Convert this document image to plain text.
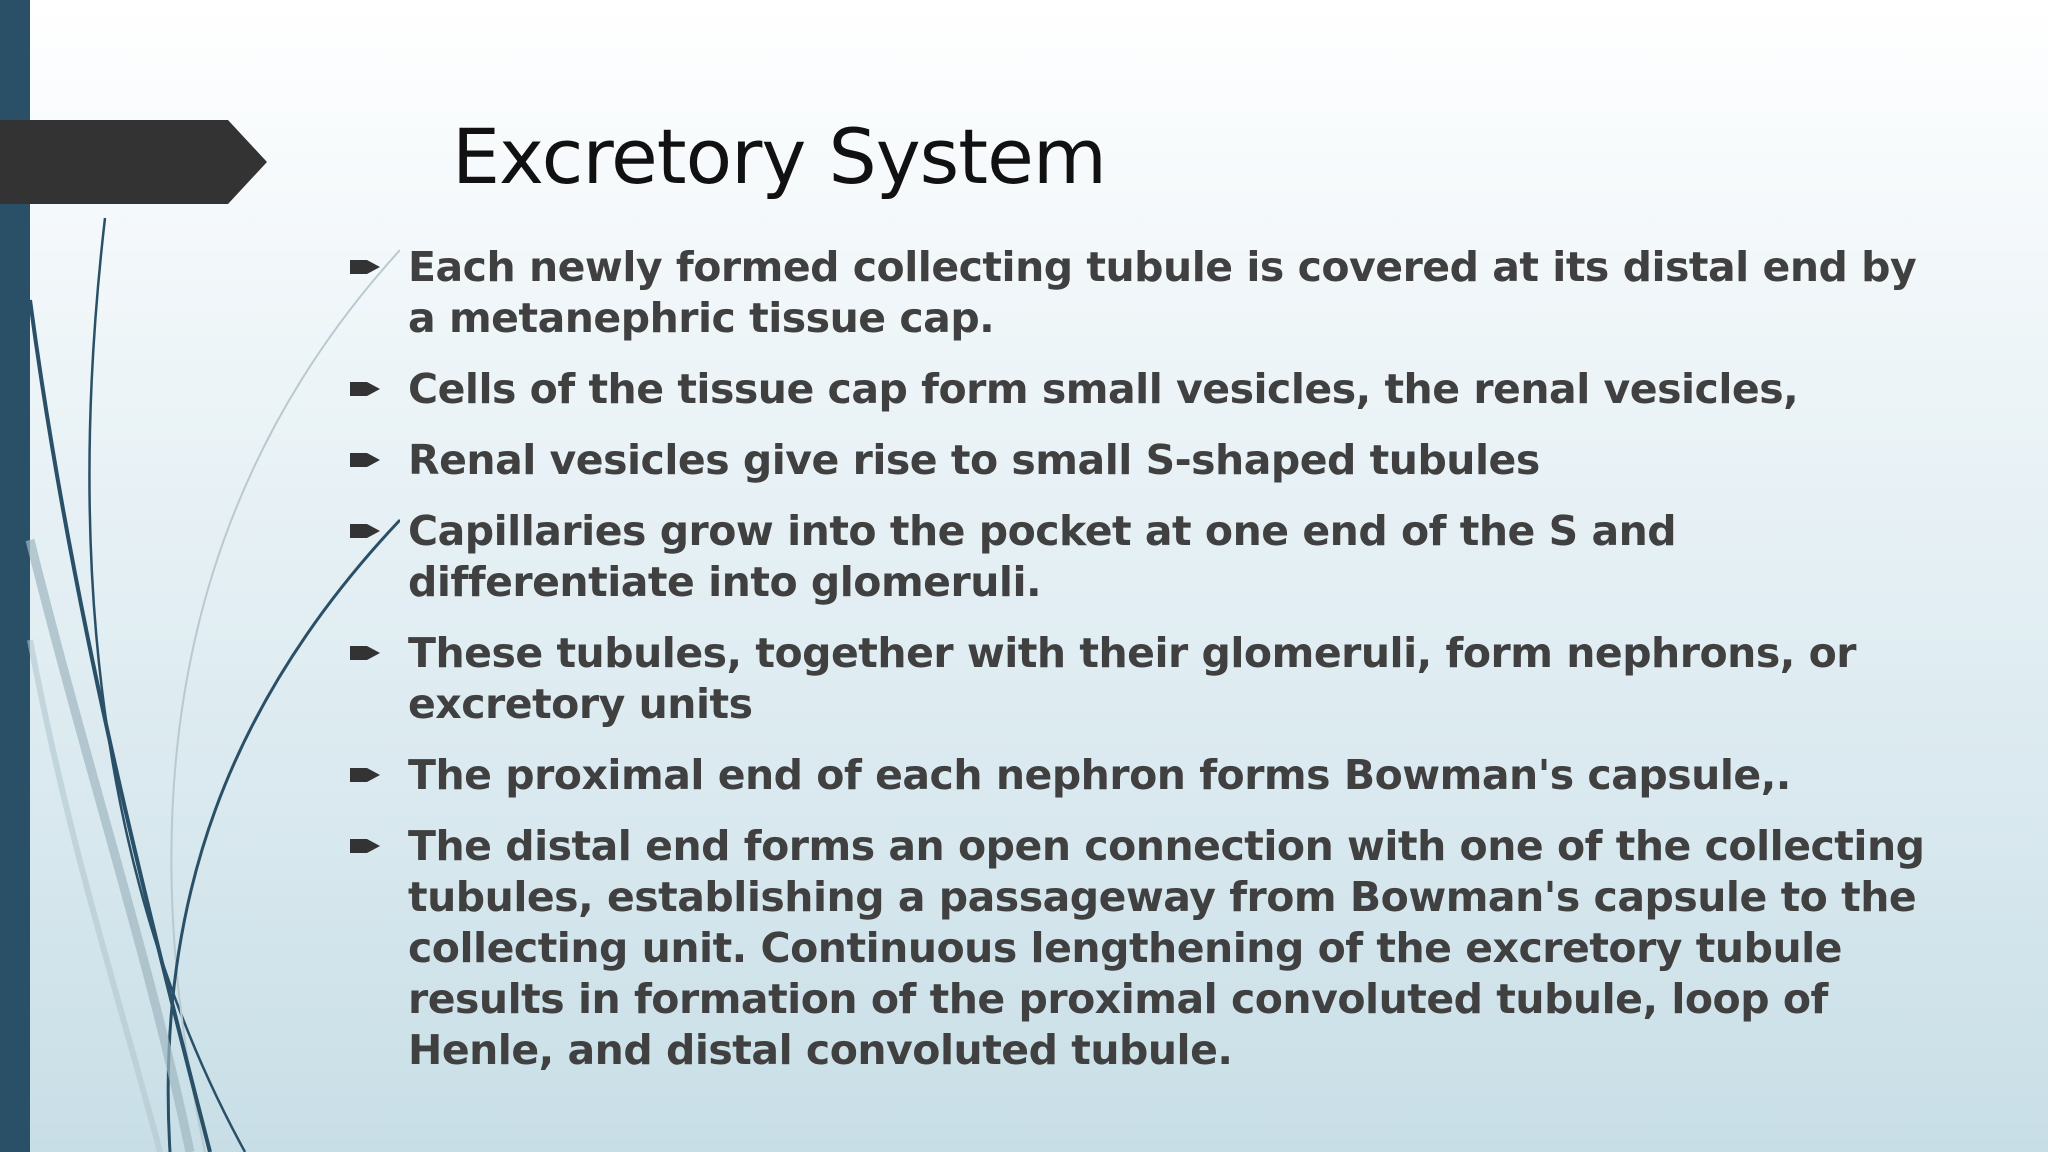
Excretory System
Each newly formed collecting tubule is covered at its distal end by a metanephric tissue cap.
Cells of the tissue cap form small vesicles, the renal vesicles,
Renal vesicles give rise to small S-shaped tubules
Capillaries grow into the pocket at one end of the S and differentiate into glomeruli.
These tubules, together with their glomeruli, form nephrons, or excretory units
The proximal end of each nephron forms Bowman's capsule,.
The distal end forms an open connection with one of the collecting tubules, establishing a passageway from Bowman's capsule to the collecting unit. Continuous lengthening of the excretory tubule results in formation of the proximal convoluted tubule, loop of Henle, and distal convoluted tubule.
